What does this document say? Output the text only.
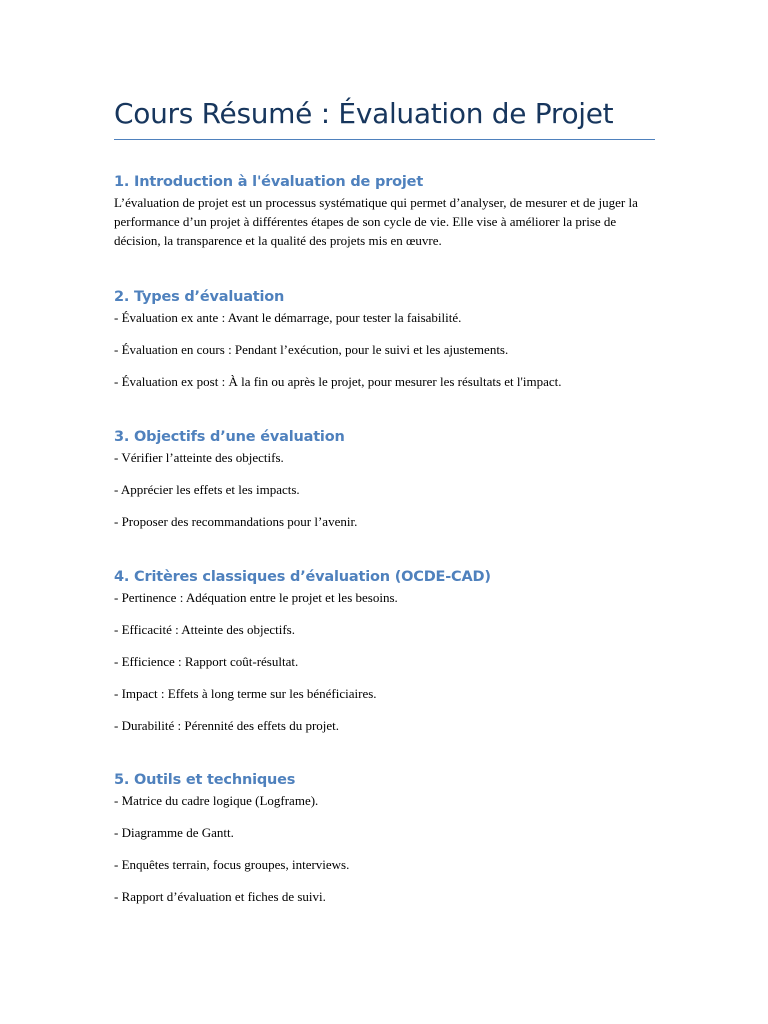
Cours Résumé : Évaluation de Projet
1. Introduction à l'évaluation de projet

L’évaluation de projet est un processus systématique qui permet d’analyser, de mesurer et de juger la performance d’un projet à différentes étapes de son cycle de vie. Elle vise à améliorer la prise de décision, la transparence et la qualité des projets mis en œuvre.

2. Types d’évaluation

- Évaluation ex ante : Avant le démarrage, pour tester la faisabilité.

- Évaluation en cours : Pendant l’exécution, pour le suivi et les ajustements.

- Évaluation ex post : À la fin ou après le projet, pour mesurer les résultats et l'impact.

3. Objectifs d’une évaluation

- Vérifier l’atteinte des objectifs.

- Apprécier les effets et les impacts.

- Proposer des recommandations pour l’avenir.

4. Critères classiques d’évaluation (OCDE-CAD)

- Pertinence : Adéquation entre le projet et les besoins.

- Efficacité : Atteinte des objectifs.

- Efficience : Rapport coût-résultat.

- Impact : Effets à long terme sur les bénéficiaires.

- Durabilité : Pérennité des effets du projet.

5. Outils et techniques

- Matrice du cadre logique (Logframe).

- Diagramme de Gantt.

- Enquêtes terrain, focus groupes, interviews.

- Rapport d’évaluation et fiches de suivi.
